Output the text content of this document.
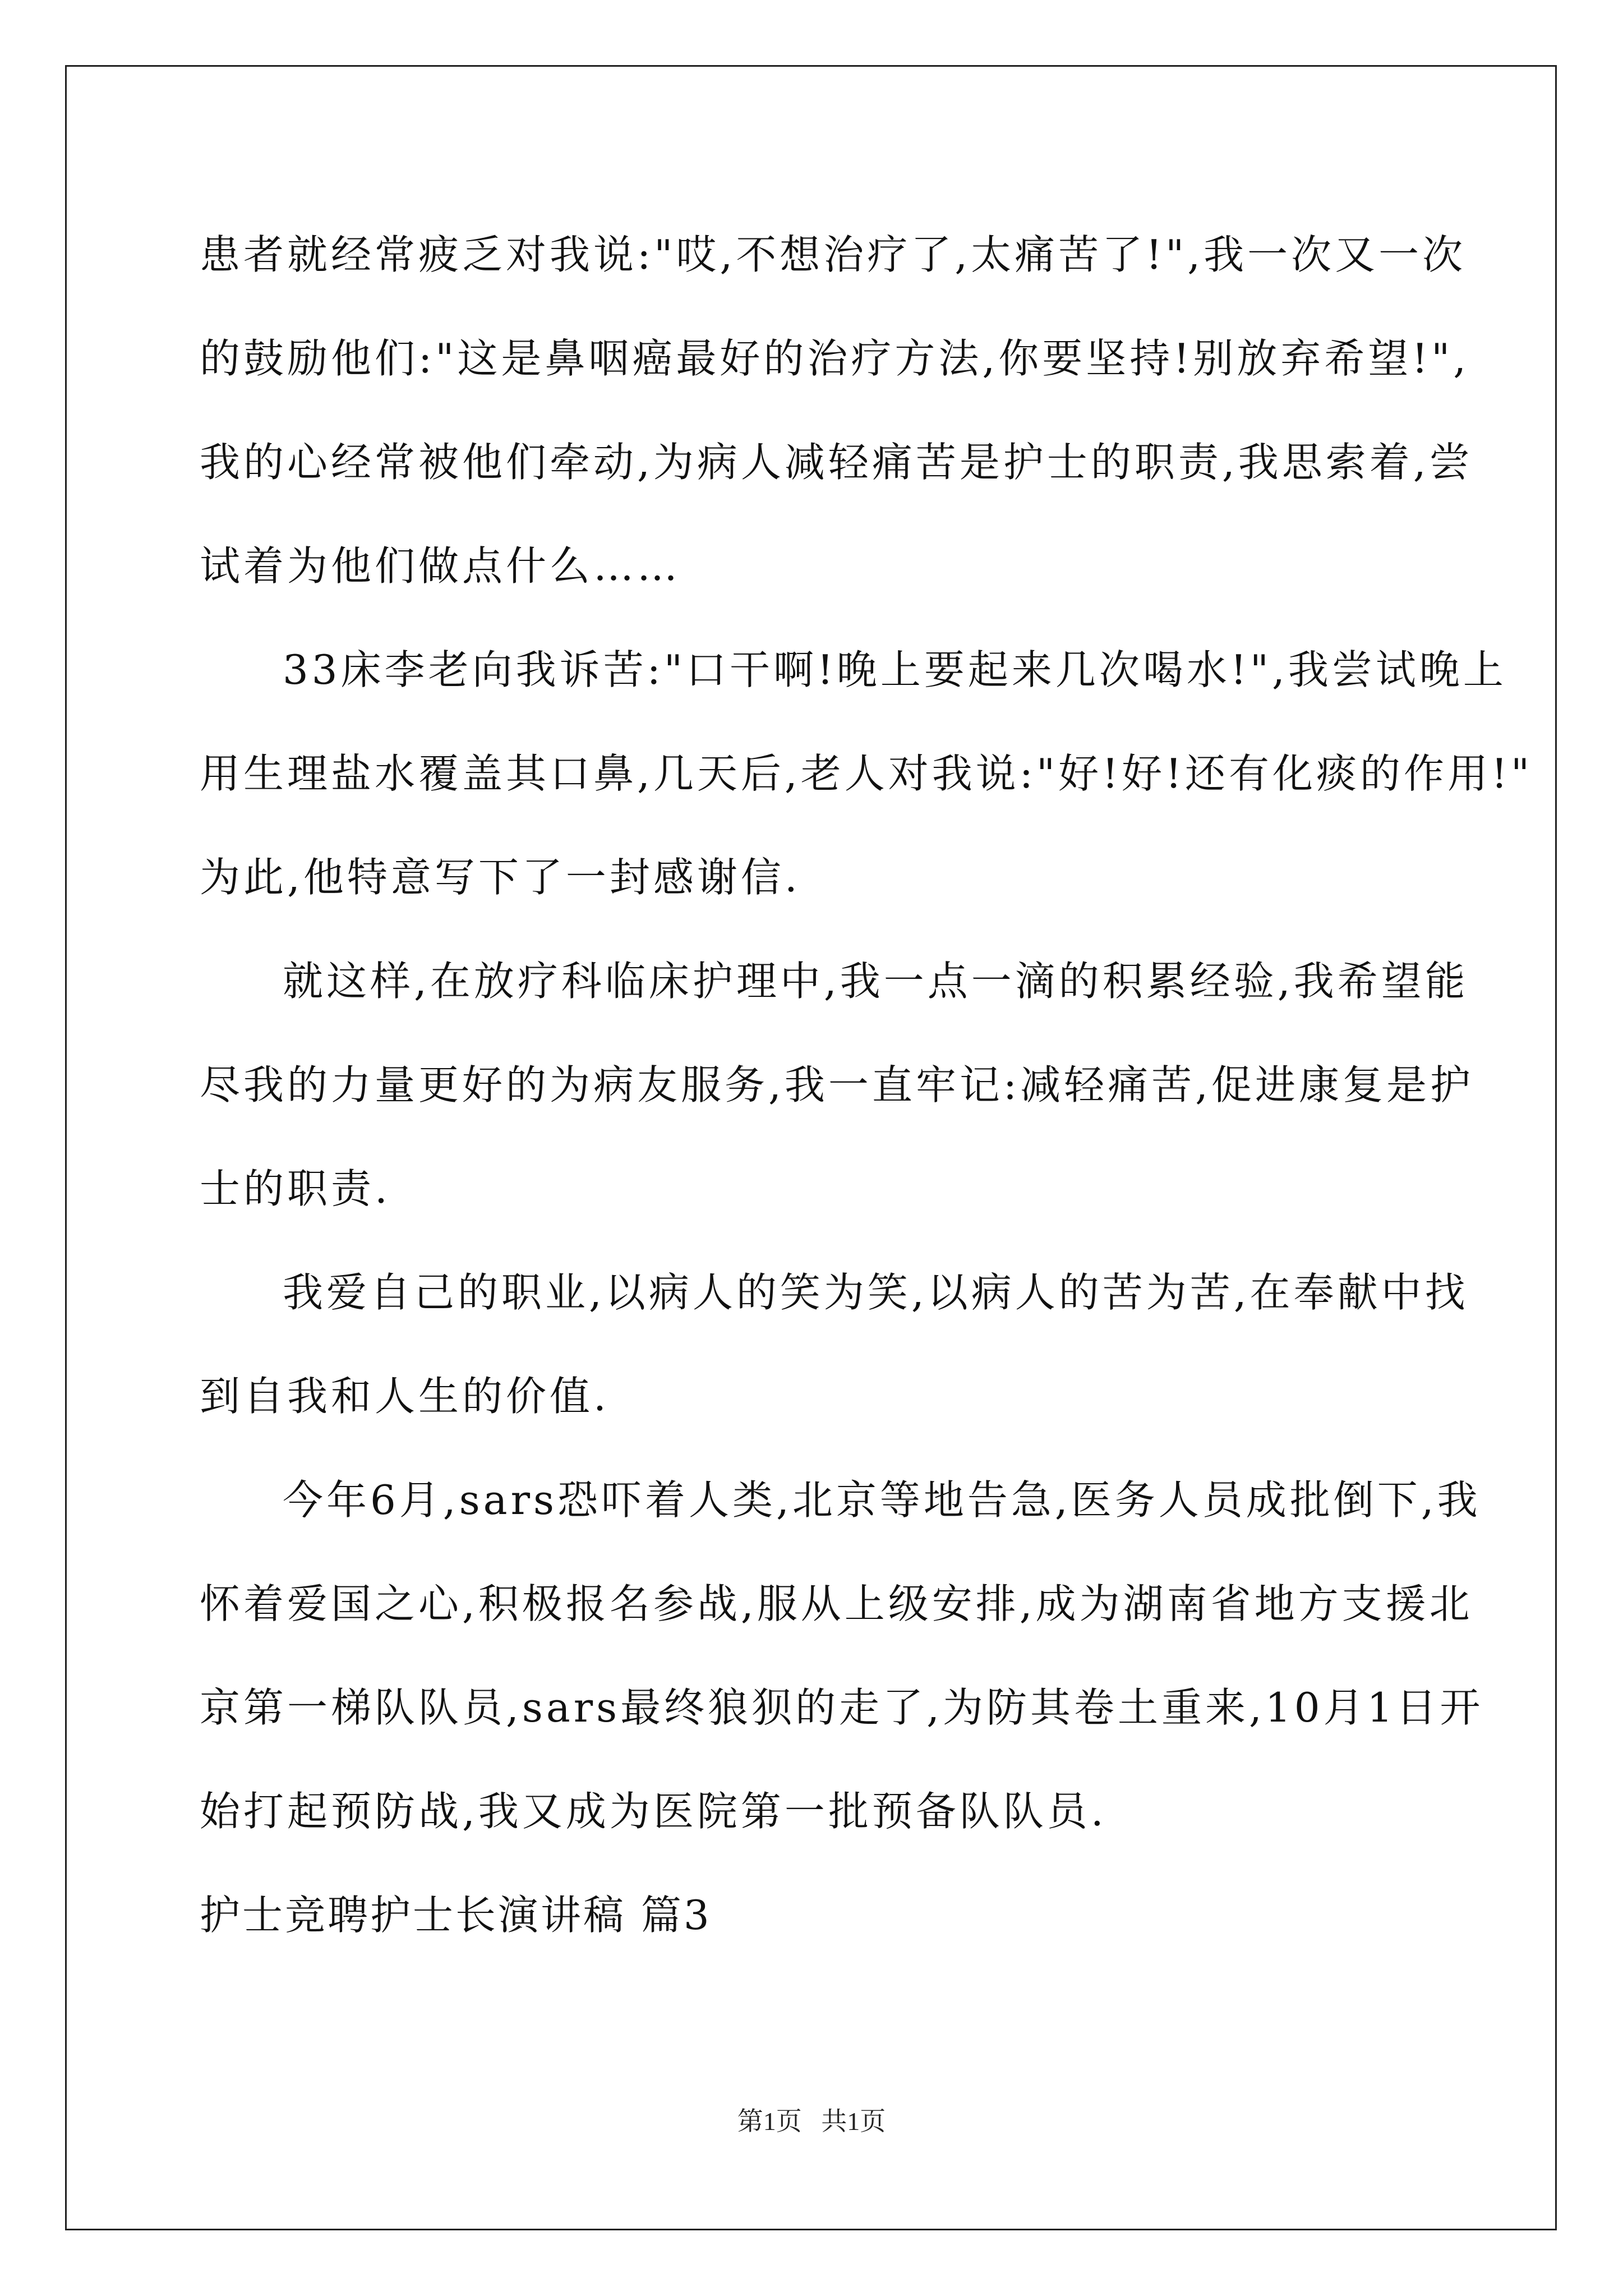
患者就经常疲乏对我说:"哎,不想治疗了,太痛苦了!",我一次又一次
的鼓励他们:"这是鼻咽癌最好的治疗方法,你要坚持!别放弃希望!",
我的心经常被他们牵动,为病人减轻痛苦是护士的职责,我思索着,尝
试着为他们做点什么……
33床李老向我诉苦:"口干啊!晚上要起来几次喝水!",我尝试晚上
用生理盐水覆盖其口鼻,几天后,老人对我说:"好!好!还有化痰的作用!"
为此,他特意写下了一封感谢信.
就这样,在放疗科临床护理中,我一点一滴的积累经验,我希望能
尽我的力量更好的为病友服务,我一直牢记:减轻痛苦,促进康复是护
士的职责.
我爱自己的职业,以病人的笑为笑,以病人的苦为苦,在奉献中找
到自我和人生的价值.
今年6月,sars恐吓着人类,北京等地告急,医务人员成批倒下,我
怀着爱国之心,积极报名参战,服从上级安排,成为湖南省地方支援北
京第一梯队队员,sars最终狼狈的走了,为防其卷土重来,10月1日开
始打起预防战,我又成为医院第一批预备队队员.
护士竞聘护士长演讲稿 篇3
第1页   共1页
